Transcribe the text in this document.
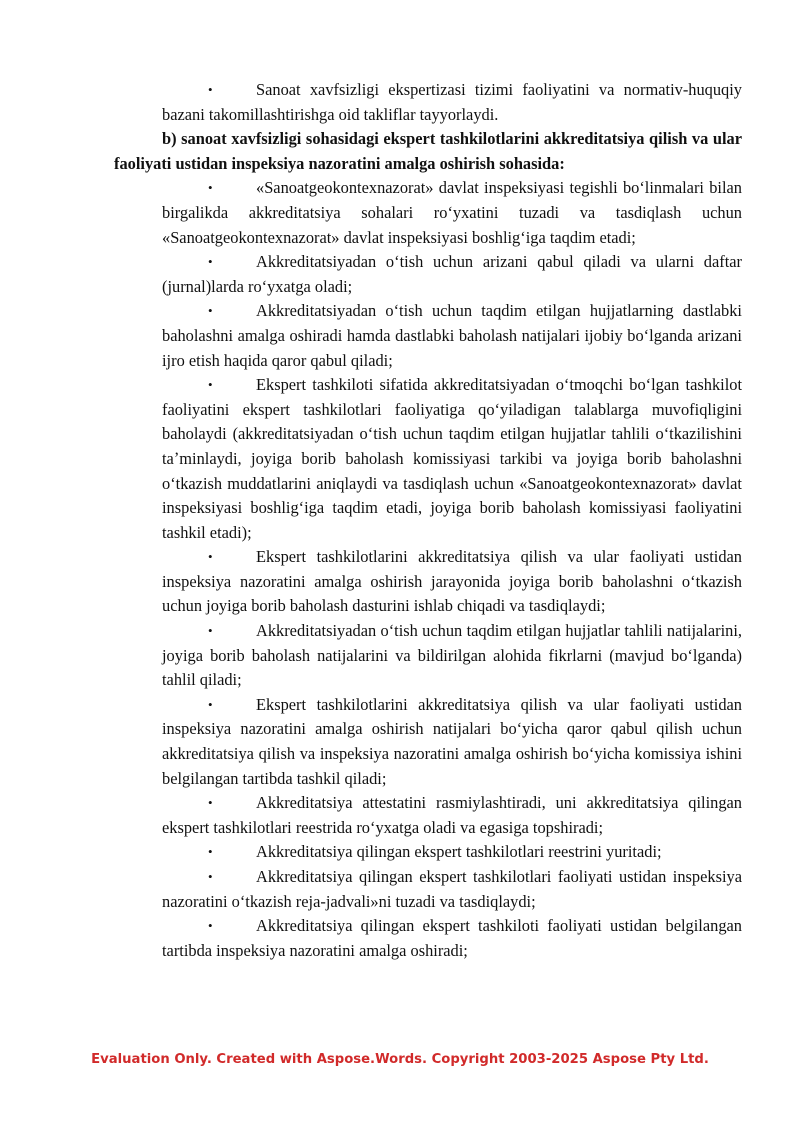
•	Sanoat xavfsizligi ekspertizasi tizimi faoliyatini va normativ-huquqiy bazani takomillashtirishga oid takliflar tayyorlaydi.

b) sanoat xavfsizligi sohasidagi ekspert tashkilotlarini akkreditatsiya qilish va ular faoliyati ustidan inspeksiya nazoratini amalga oshirish sohasida:

•	«Sanoatgeokontexnazorat» davlat inspeksiyasi tegishli boʻlinmalari bilan birgalikda akkreditatsiya sohalari roʻyxatini tuzadi va tasdiqlash uchun «Sanoatgeokontexnazorat» davlat inspeksiyasi boshligʻiga taqdim etadi;

•	Akkreditatsiyadan oʻtish uchun arizani qabul qiladi va ularni daftar (jurnal)larda roʻyxatga oladi;

•	Akkreditatsiyadan oʻtish uchun taqdim etilgan hujjatlarning dastlabki baholashni amalga oshiradi hamda dastlabki baholash natijalari ijobiy boʻlganda arizani ijro etish haqida qaror qabul qiladi;

•	Ekspert tashkiloti sifatida akkreditatsiyadan oʻtmoqchi boʻlgan tashkilot faoliyatini ekspert tashkilotlari faoliyatiga qoʻyiladigan talablarga muvofiqligini baholaydi (akkreditatsiyadan oʻtish uchun taqdim etilgan hujjatlar tahlili oʻtkazilishini taʼminlaydi, joyiga borib baholash komissiyasi tarkibi va joyiga borib baholashni oʻtkazish muddatlarini aniqlaydi va tasdiqlash uchun «Sanoatgeokontexnazorat» davlat inspeksiyasi boshligʻiga taqdim etadi, joyiga borib baholash komissiyasi faoliyatini tashkil etadi);

•	Ekspert tashkilotlarini akkreditatsiya qilish va ular faoliyati ustidan inspeksiya nazoratini amalga oshirish jarayonida joyiga borib baholashni oʻtkazish uchun joyiga borib baholash dasturini ishlab chiqadi va tasdiqlaydi;

•	Akkreditatsiyadan oʻtish uchun taqdim etilgan hujjatlar tahlili natijalarini, joyiga borib baholash natijalarini va bildirilgan alohida fikrlarni (mavjud boʻlganda) tahlil qiladi;

•	Ekspert tashkilotlarini akkreditatsiya qilish va ular faoliyati ustidan inspeksiya nazoratini amalga oshirish natijalari boʻyicha qaror qabul qilish uchun akkreditatsiya qilish va inspeksiya nazoratini amalga oshirish boʻyicha komissiya ishini belgilangan tartibda tashkil qiladi;

•	Akkreditatsiya attestatini rasmiylashtiradi, uni akkreditatsiya qilingan ekspert tashkilotlari reestrida roʻyxatga oladi va egasiga topshiradi;

•	Akkreditatsiya qilingan ekspert tashkilotlari reestrini yuritadi;

•	Akkreditatsiya qilingan ekspert tashkilotlari faoliyati ustidan inspeksiya nazoratini oʻtkazish reja-jadvali»ni tuzadi va tasdiqlaydi;

•	Akkreditatsiya qilingan ekspert tashkiloti faoliyati ustidan belgilangan tartibda inspeksiya nazoratini amalga oshiradi;

Evaluation Only. Created with Aspose.Words. Copyright 2003-2025 Aspose Pty Ltd.
